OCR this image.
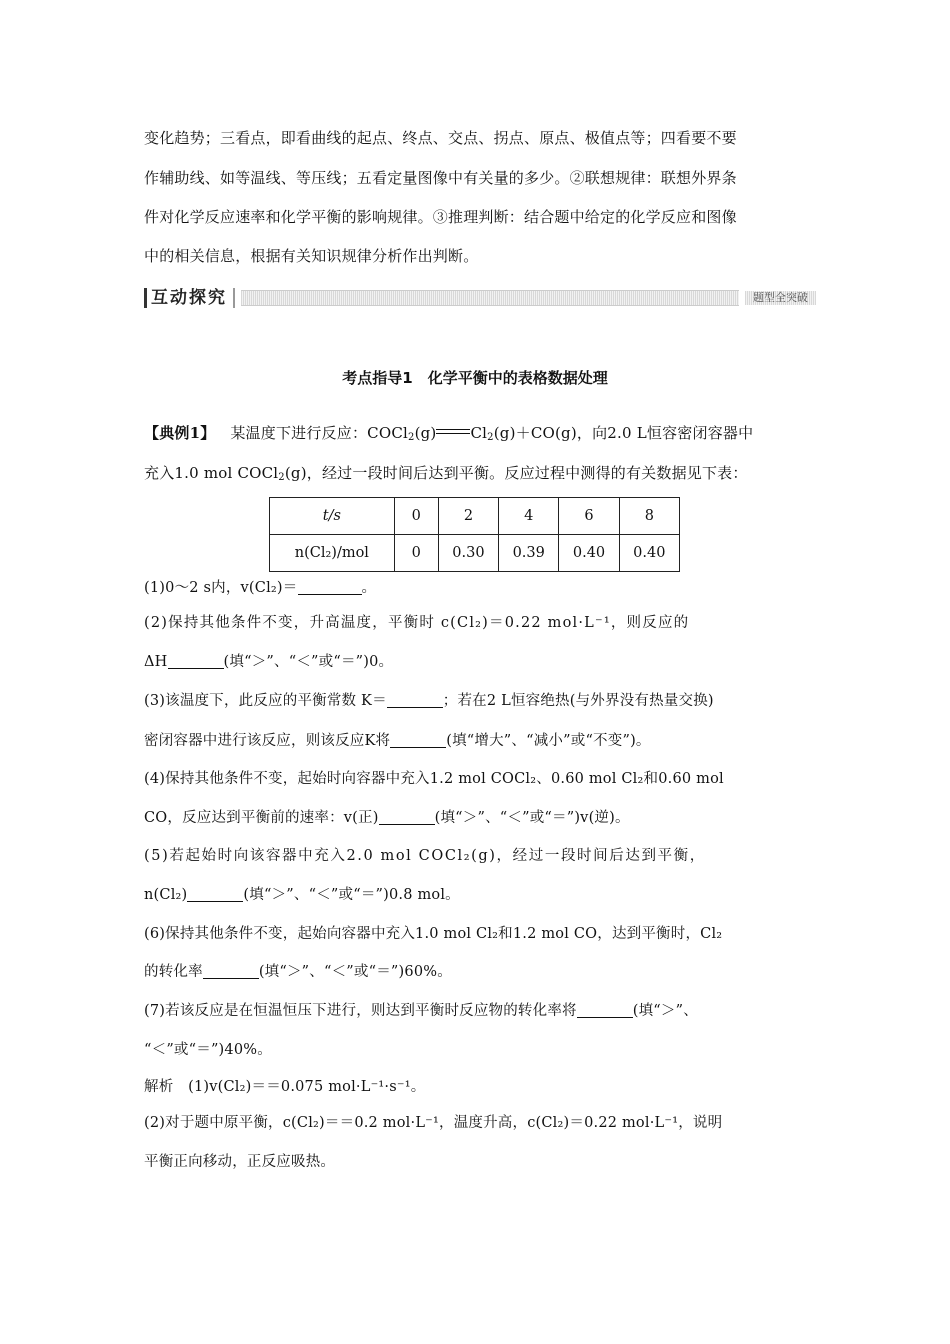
变化趋势；三看点，即看曲线的起点、终点、交点、拐点、原点、极值点等；四看要不要
作辅助线、如等温线、等压线；五看定量图像中有关量的多少。②联想规律：联想外界条
件对化学反应速率和化学平衡的影响规律。③推理判断：结合题中给定的化学反应和图像
中的相关信息，根据有关知识规律分析作出判断。
互动探究	题型全突破
考点指导1　化学平衡中的表格数据处理
【典例1】 某温度下进行反应：COCl$_2$(g) $Cl_2(g)+CO(g)$，向2.0 L恒容密闭容器中
充入1.0 mol COCl$_2$(g)，经过一段时间后达到平衡。反应过程中测得的有关数据见下表：
t/s	0	2	4	6	8
n(Cl₂)/mol	0	0.30	0.39	0.40	0.40
(1)0～2 s内，v(Cl₂)＝	。
(2)保持其他条件不变，升高温度，平衡时 c(Cl₂)＝0.22 mol·L⁻¹，则反应的
ΔH	(填“＞”、“＜”或“＝”)0。
(3)该温度下，此反应的平衡常数 K＝	；若在2 L恒容绝热(与外界没有热量交换)
密闭容器中进行该反应，则该反应K将	(填“增大”、“减小”或“不变”)。
(4)保持其他条件不变，起始时向容器中充入1.2 mol COCl₂、0.60 mol Cl₂和0.60 mol
CO，反应达到平衡前的速率：v(正)	(填“＞”、“＜”或“＝”)v(逆)。
(5)若起始时向该容器中充入2.0 mol COCl₂(g)，经过一段时间后达到平衡，
n(Cl₂)	(填“＞”、“＜”或“＝”)0.8 mol。
(6)保持其他条件不变，起始向容器中充入1.0 mol Cl₂和1.2 mol CO，达到平衡时，Cl₂
的转化率	(填“＞”、“＜”或“＝”)60%。
(7)若该反应是在恒温恒压下进行，则达到平衡时反应物的转化率将	(填“＞”、
“＜”或“＝”)40%。
解析　(1)v(Cl₂)＝＝0.075 mol·L⁻¹·s⁻¹。
(2)对于题中原平衡，c(Cl₂)＝＝0.2 mol·L⁻¹，温度升高，c(Cl₂)＝0.22 mol·L⁻¹，说明
平衡正向移动，正反应吸热。
